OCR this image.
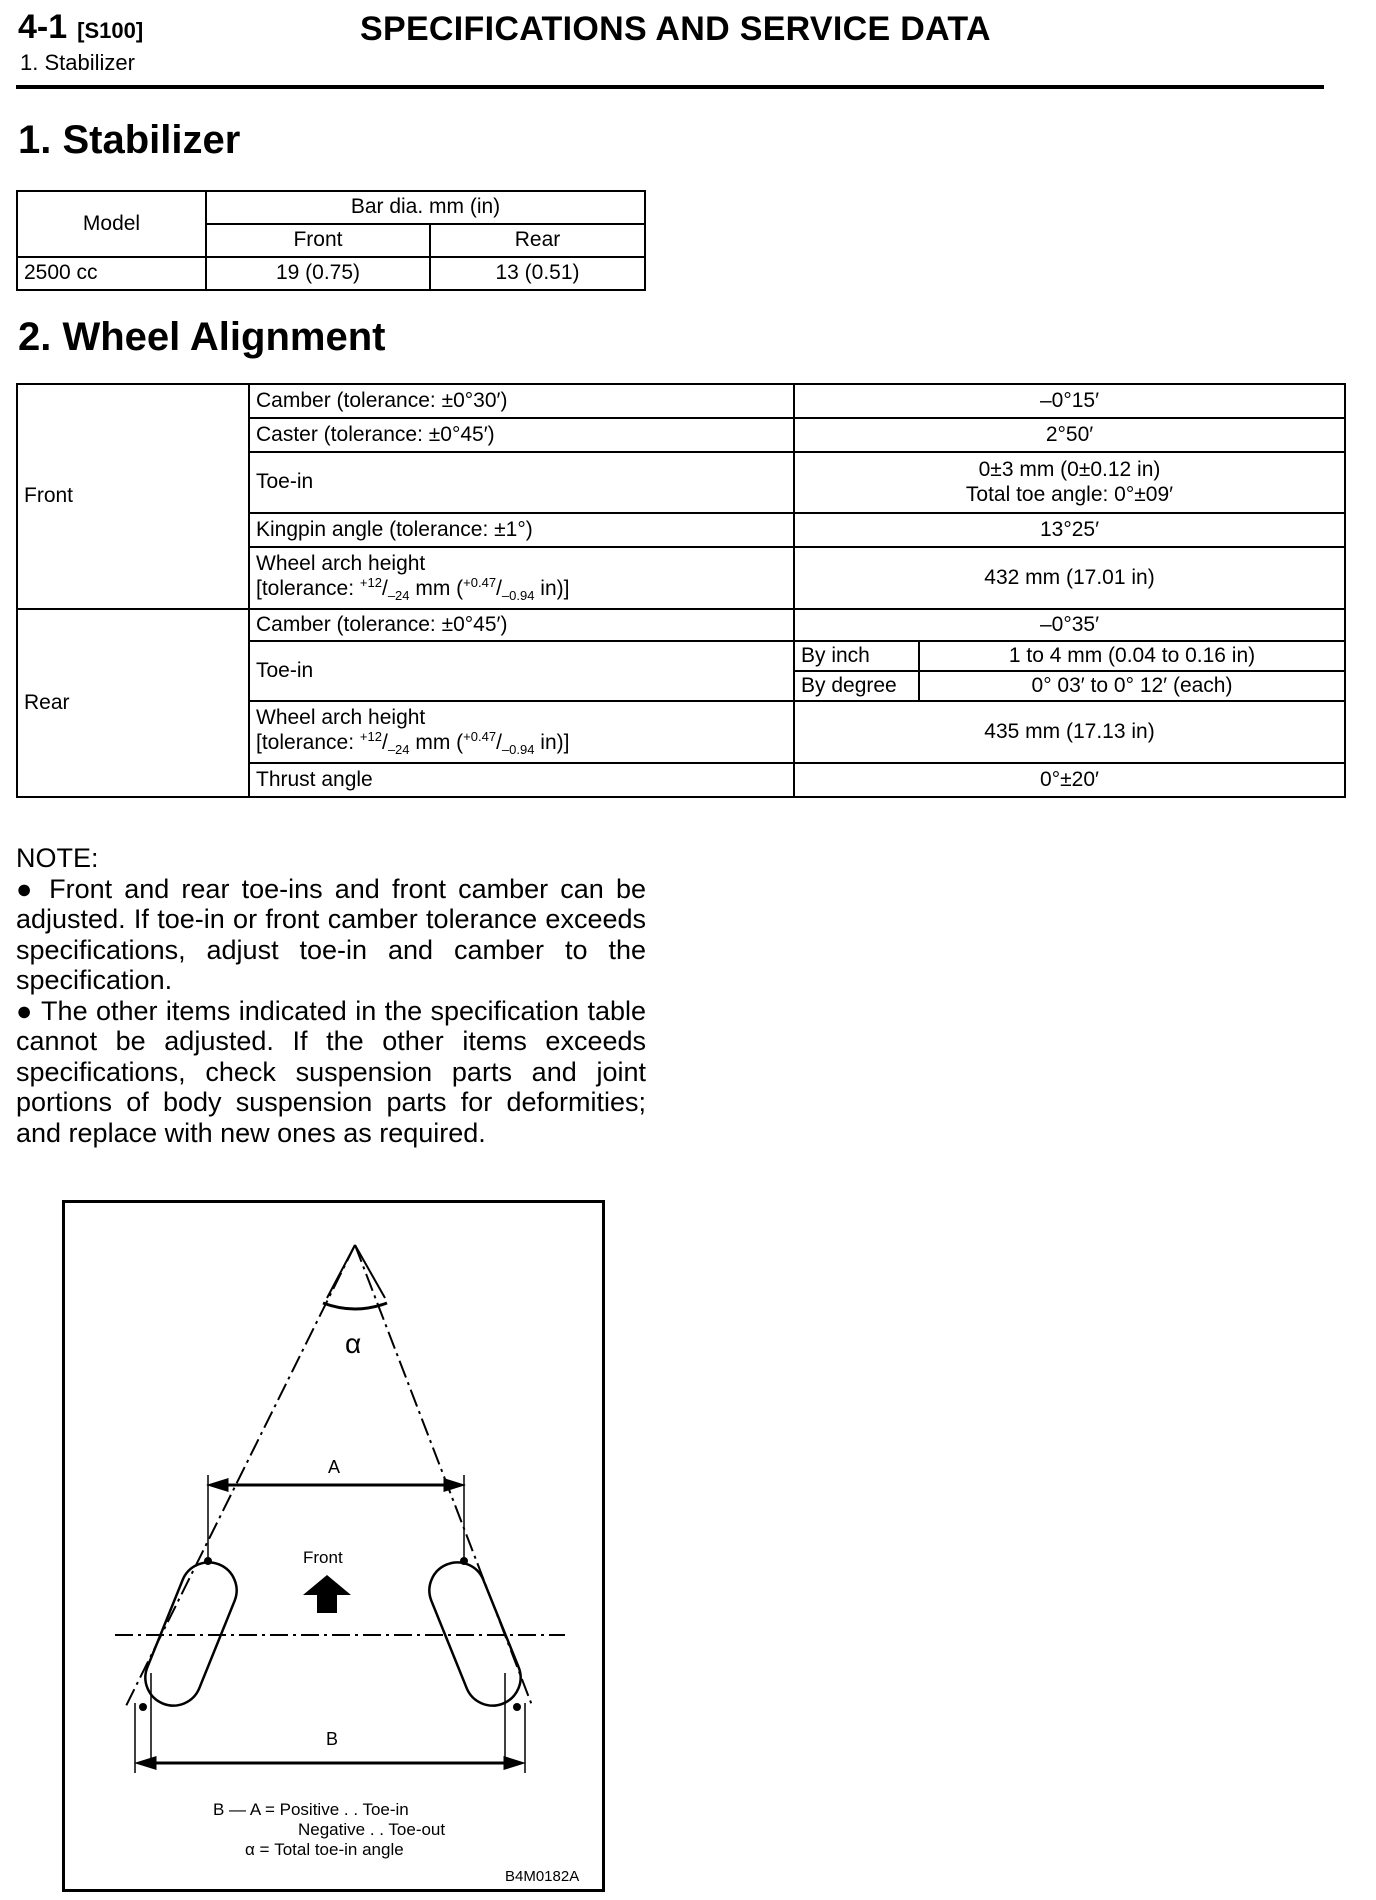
4-1 [S100]
1. Stabilizer
SPECIFICATIONS AND SERVICE DATA
1. Stabilizer
Model	Bar dia. mm (in)	
	Front	Rear
2500 cc	19 (0.75)	13 (0.51)
2. Wheel Alignment
Front	Camber (tolerance: ±0°30′)	–0°15′	
	Caster (tolerance: ±0°45′)	2°50′	
	Toe-in	0±3 mm (0±0.12 in)
Total toe angle: 0°±09′	

	Kingpin angle (tolerance: ±1°)	13°25′	

	Wheel arch height
[tolerance: $^{+12}/_{-24}$ mm ($^{+0.47}/_{-0.94}$ in)]	432 mm (17.01 in)	
Rear	Camber (tolerance: ±0°45′)	–0°35′	
	Toe-in	By inch	1 to 4 mm (0.04 to 0.16 in)
		By degree	0° 03′ to 0° 12′ (each)

	Wheel arch height
[tolerance: $^{+12}/_{-24}$ mm ($^{+0.47}/_{-0.94}$ in)]	435 mm (17.13 in)	
	Thrust angle	0°±20′	

NOTE:

● Front and rear toe-ins and front camber can be adjusted. If toe-in or front camber tolerance exceeds specifications, adjust toe-in and camber to the specification.

● The other items indicated in the specification table cannot be adjusted. If the other items exceeds specifications, check suspension parts and joint portions of body suspension parts for deformities; and replace with new ones as required.

α
A
B
Front
B — A = Positive . . Toe-in
Negative . . Toe-out
α = Total toe-in angle
B4M0182A
